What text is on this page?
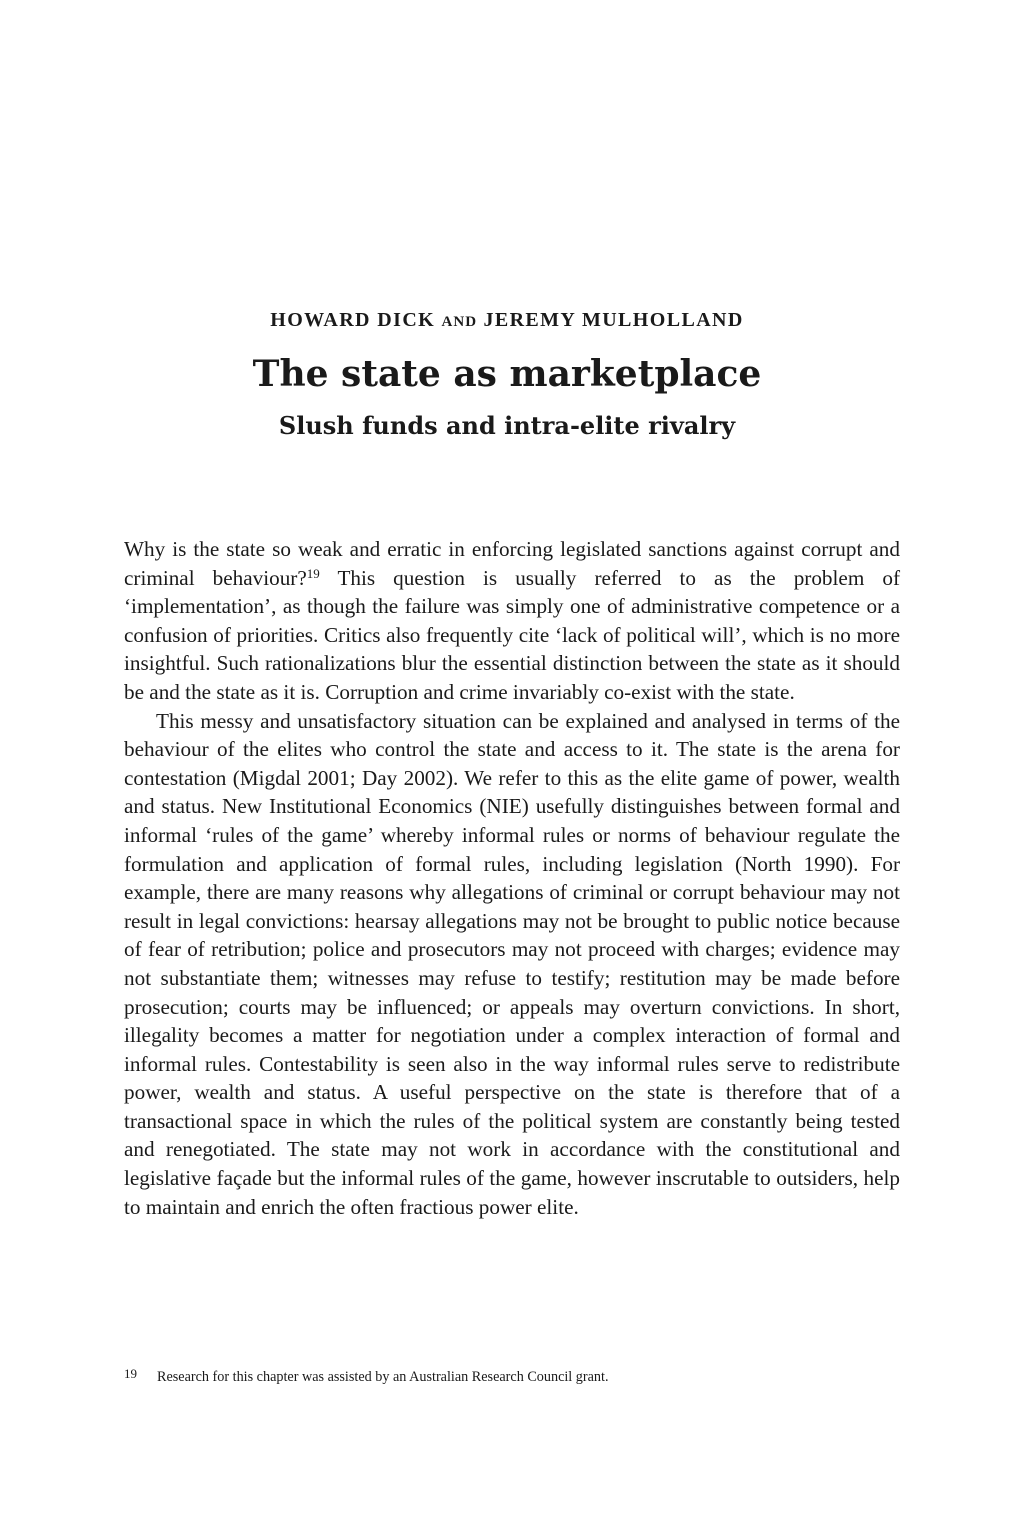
HOWARD DICK AND JEREMY MULHOLLAND

The state as marketplace
Slush funds and intra-elite rivalry

Why is the state so weak and erratic in enforcing legislated sanctions against corrupt and criminal behaviour?$^{19}$ This question is usually referred to as the problem of ‘implementation’, as though the failure was simply one of administrative competence or a confusion of priorities. Critics also frequently cite ‘lack of political will’, which is no more insightful. Such rationalizations blur the essential distinction between the state as it should be and the state as it is. Corruption and crime invariably co-exist with the state.

This messy and unsatisfactory situation can be explained and analysed in terms of the behaviour of the elites who control the state and access to it. The state is the arena for contestation (Migdal 2001; Day 2002). We refer to this as the elite game of power, wealth and status. New Institutional Economics (NIE) usefully distinguishes between formal and informal ‘rules of the game’ whereby informal rules or norms of behaviour regulate the formulation and application of formal rules, including legislation (North 1990). For example, there are many reasons why allegations of criminal or corrupt behaviour may not result in legal convictions: hearsay allegations may not be brought to public notice because of fear of retribution; police and prosecutors may not proceed with charges; evidence may not substantiate them; witnesses may refuse to testify; restitution may be made before prosecution; courts may be influenced; or appeals may overturn convictions. In short, illegality becomes a matter for negotiation under a complex interaction of formal and informal rules. Contestability is seen also in the way informal rules serve to redistribute power, wealth and status. A useful perspective on the state is therefore that of a transactional space in which the rules of the political system are constantly being tested and renegotiated. The state may not work in accordance with the constitutional and legislative façade but the informal rules of the game, however inscrutable to outsiders, help to maintain and enrich the often fractious power elite.

19 Research for this chapter was assisted by an Australian Research Council grant.
